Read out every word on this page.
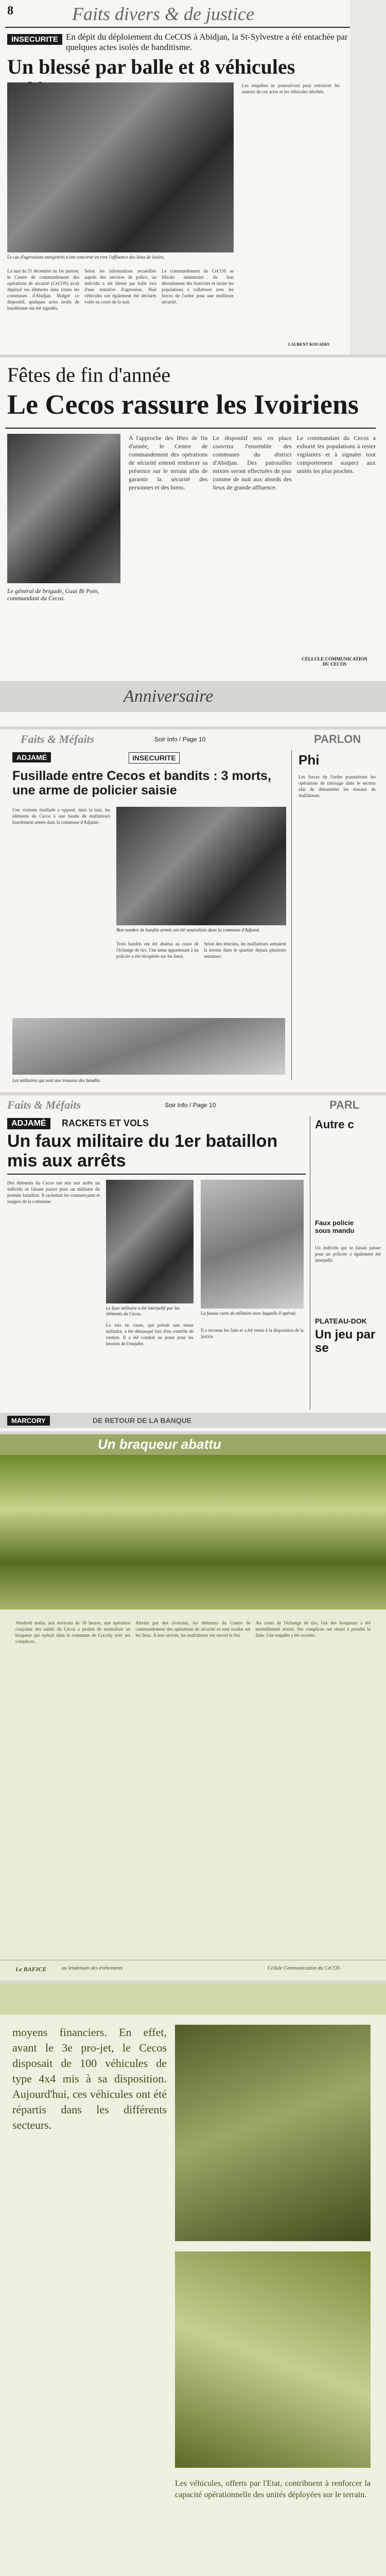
8	Faits divers & de justice
INSECURITE En dépit du déploiement du CeCOS à Abidjan, la St-Sylvestre a été entachée par quelques actes isolés de banditisme.
Un blessé par balle et 8 véhicules
Le cas d'agressions enregistrés n'ont concerné en rien l'affluence des lieux de loisirs.
La nuit du 31 décembre au 1er janvier, le Centre de commandement des opérations de sécurité (CeCOS) avait déployé ses éléments dans toutes les communes d'Abidjan. Malgré ce dispositif, quelques actes isolés de banditisme ont été signalés.
Selon les informations recueillies auprès des services de police, un individu a été blessé par balle lors d'une tentative d'agression. Huit véhicules ont également été déclarés volés au cours de la nuit.
Le commandement du CeCOS se félicite néanmoins du bon déroulement des festivités et invite les populations à collaborer avec les forces de l'ordre pour une meilleure sécurité.
Les enquêtes se poursuivent pour retrouver les auteurs de ces actes et les véhicules dérobés.
LAURENT KOUADIO
Fêtes de fin d'année
Le Cecos rassure les Ivoiriens
Le général de brigade, Guai Bi Poin, commandant du Cecos.
A l'approche des fêtes de fin d'année, le Centre de commandement des opérations de sécurité entend renforcer sa présence sur le terrain afin de garantir la sécurité des personnes et des biens.
Le dispositif mis en place couvrira l'ensemble des communes du district d'Abidjan. Des patrouilles mixtes seront effectuées de jour comme de nuit aux abords des lieux de grande affluence.
Le commandant du Cecos a exhorté les populations à rester vigilantes et à signaler tout comportement suspect aux unités les plus proches.
CELLULE COMMUNICATION DU CECOS
Anniversaire
Faits & Méfaits	Soir Info / Page 10	PARLON
ADJAMÉ	INSECURITE
Fusillade entre Cecos et bandits : 3 morts, une arme de policier saisie
Une violente fusillade a opposé, dans la nuit, les éléments du Cecos à une bande de malfaiteurs lourdement armés dans la commune d'Adjamé.
Bon nombre de bandits armés ont été neutralisés dans la commune d'Adjamé.
Trois bandits ont été abattus au cours de l'échange de tirs. Une arme appartenant à un policier a été récupérée sur les lieux.
Selon des témoins, les malfaiteurs semaient la terreur dans le quartier depuis plusieurs semaines.
Les militaires qui sont aux trousses des bandits.
Phi
Les forces de l'ordre poursuivent les opérations de ratissage dans le secteur afin de démanteler les réseaux de malfaiteurs.
Faits & Méfaits	Soir Info / Page 10	PARL
ADJAMÉ	RACKETS ET VOLS
Un faux militaire du 1er bataillon mis aux arrêts
Des éléments du Cecos ont mis aux arrêts un individu se faisant passer pour un militaire du premier bataillon. Il rackettait les commerçants et usagers de la commune.
Le faux militaire a été interpellé par les éléments du Cecos.
Le mis en cause, qui portait une tenue militaire, a été démasqué lors d'un contrôle de routine. Il a été conduit au poste pour les besoins de l'enquête.
La fausse carte de militaire avec laquelle il opérait.
Il a reconnu les faits et a été remis à la disposition de la justice.
Autre c
Faux policie
sous mandu
Un individu qui se faisait passer pour un policier a également été interpellé.
PLATEAU-DOK
Un jeu par se
MARCORY	DE RETOUR DE LA BANQUE
Un braqueur abattu
Vendredi matin, aux environs de 10 heures, une opération conjointe des unités du Cecos a permis de neutraliser un braqueur qui opérait dans la commune de Cocody avec ses complices.
Alertés par des riverains, les éléments du Centre de commandement des opérations de sécurité se sont rendus sur les lieux. A leur arrivée, les malfaiteurs ont ouvert le feu.
Au cours de l'échange de tirs, l'un des braqueurs a été mortellement atteint. Ses complices ont réussi à prendre la fuite. Une enquête a été ouverte.
Le BAFICE	au lendemain des événements	Cellule Communication du CeCOS
moyens financiers. En effet, avant le 3e pro-jet, le Cecos disposait de 100 véhicules de type 4x4 mis à sa disposition. Aujourd'hui, ces véhicules ont été répartis dans les différents secteurs.
Les véhicules, offerts par l'Etat, contribuent à renforcer la capacité opérationnelle des unités déployées sur le terrain.
